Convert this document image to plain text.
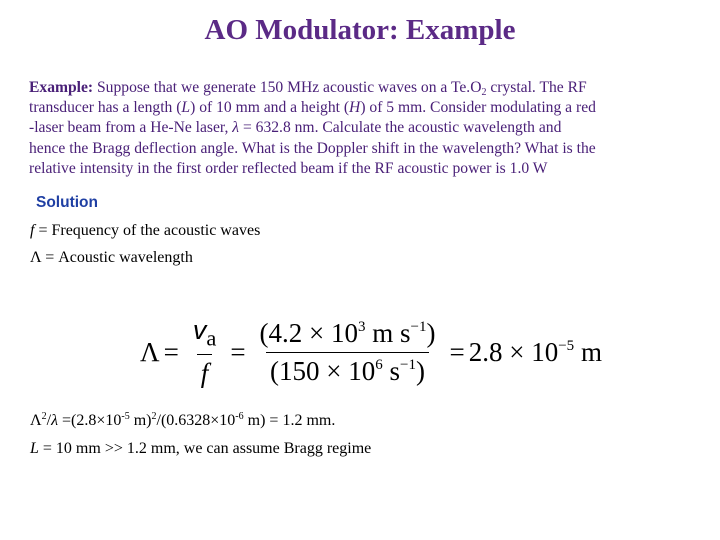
AO Modulator: Example
Example: Suppose that we generate 150 MHz acoustic waves on a $Te.O_2$ crystal. The RF
transducer has a length (L) of 10 mm and a height (H) of 5 mm. Consider modulating a red
-laser beam from a He-Ne laser, λ = 632.8 nm. Calculate the acoustic wavelength and
hence the Bragg deflection angle. What is the Doppler shift in the wavelength? What is the
relative intensity in the first order reflected beam if the RF acoustic power is 1.0 W
Solution
f = Frequency of the acoustic waves
Λ = Acoustic wavelength
$\Lambda = \frac{v_a}{f} = \frac{(4.2 \times 10^3 m s^{-1})}{(150 \times 10^6 s^{-1})} = 2.8 \times 10^{-5}$ m
$\Lambda^2/\lambda =(2.8\times 10^{-5}$ $m)^2/(0.6328\times 10^{-6}$ m) = 1.2 mm.
L = 10 mm >> 1.2 mm, we can assume Bragg regime
